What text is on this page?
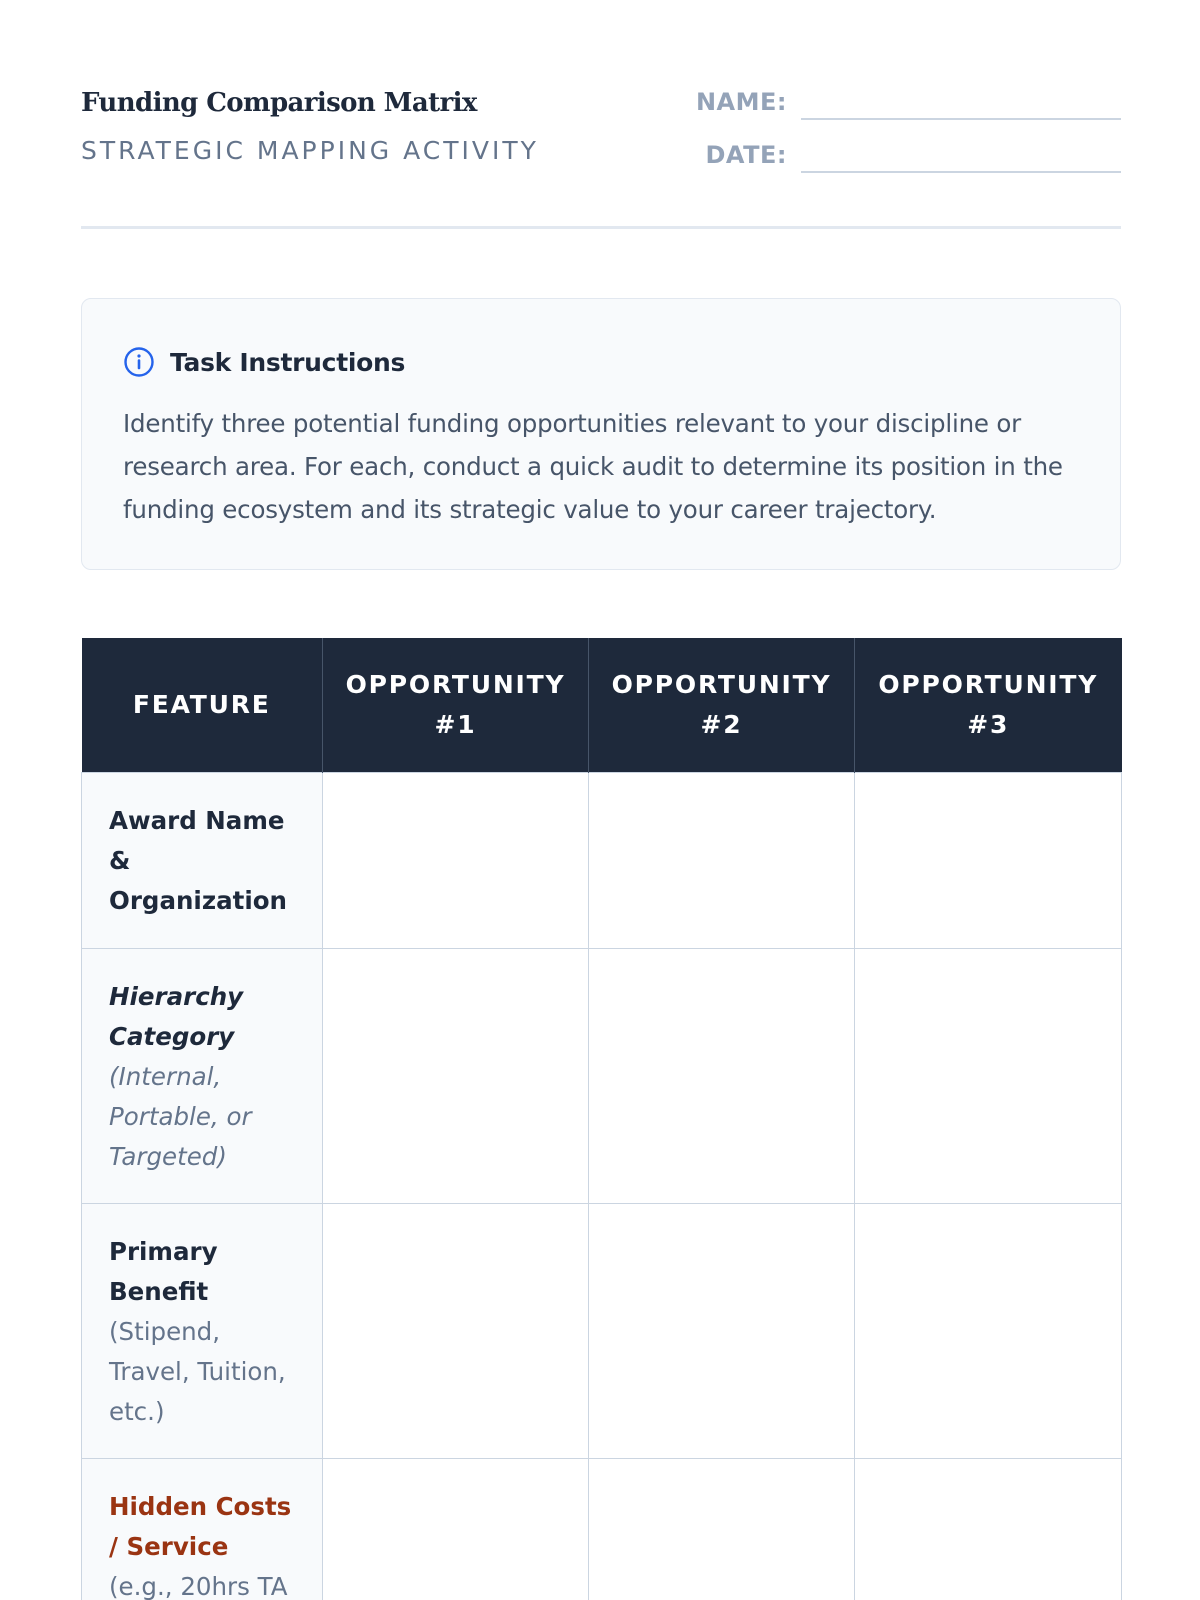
Funding Comparison Matrix
STRATEGIC MAPPING ACTIVITY
NAME:
DATE:
Task Instructions

Identify three potential funding opportunities relevant to your discipline or research area. For each, conduct a quick audit to determine its position in the funding ecosystem and its strategic value to your career trajectory.

FEATURE	OPPORTUNITY #1	OPPORTUNITY #2	OPPORTUNITY #3

Award Name & Organization			

Hierarchy Category
(Internal, Portable, or Targeted)			

Primary Benefit
(Stipend, Travel, Tuition, etc.)			

Hidden Costs / Service
(e.g., 20hrs TA			
